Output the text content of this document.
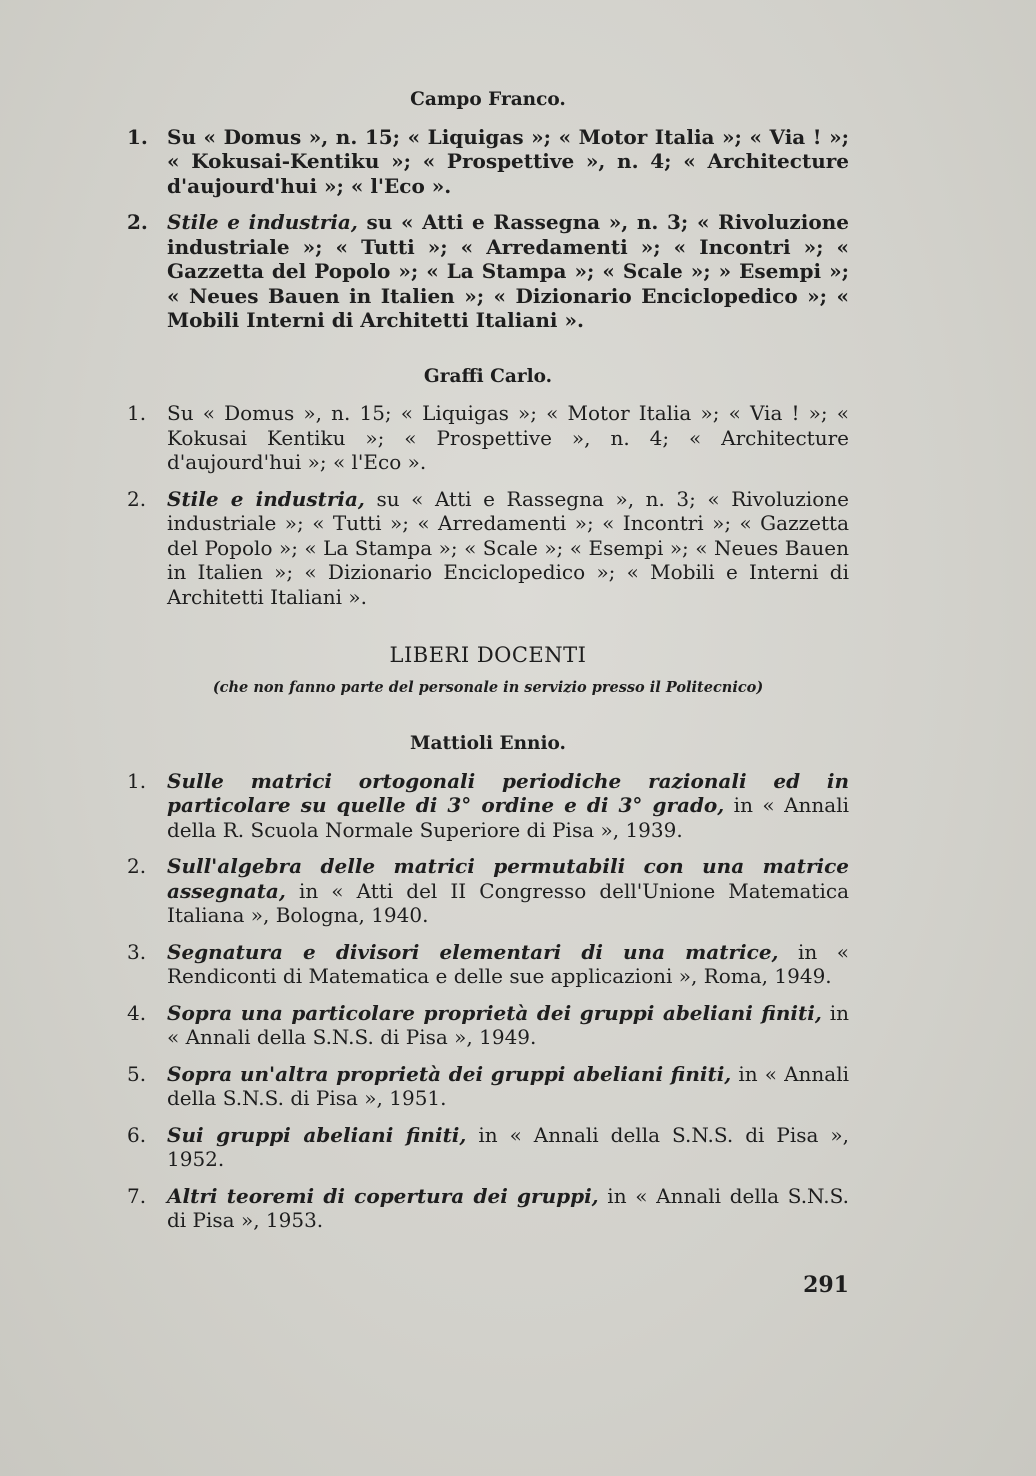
Campo Franco.

1. Su « Domus », n. 15; « Liquigas »; « Motor Italia »; « Via ! »; « Kokusai-Kentiku »; « Prospettive », n. 4; « Architecture d'aujourd'hui »; « l'Eco ».

2. Stile e industria, su « Atti e Rassegna », n. 3; « Rivoluzione industriale »; « Tutti »; « Arredamenti »; « Incontri »; « Gazzetta del Popolo »; « La Stampa »; « Scale »; » Esempi »; « Neues Bauen in Italien »; « Dizionario Enciclopedico »; « Mobili Interni di Architetti Italiani ».

Graffi Carlo.

1.	Su « Domus », n. 15; « Liquigas »; « Motor Italia »; « Via ! »; « Kokusai Kentiku »; « Prospettive », n. 4; « Architecture d'aujourd'hui »; « l'Eco ».

2.	Stile e industria, su « Atti e Rassegna », n. 3; « Rivoluzione industriale »; « Tutti »; « Arredamenti »; « Incontri »; « Gazzetta del Popolo »; « La Stampa »; « Scale »; « Esempi »; « Neues Bauen in Italien »; « Dizionario Enciclopedico »; « Mobili e Interni di Architetti Italiani ».

LIBERI DOCENTI
(che non fanno parte del personale in servizio presso il Politecnico)
Mattioli Ennio.

1.	Sulle matrici ortogonali periodiche razionali ed in particolare su quelle di 3° ordine e di 3° grado, in « Annali della R. Scuola Normale Superiore di Pisa », 1939.

2.	Sull'algebra delle matrici permutabili con una matrice assegnata, in « Atti del II Congresso dell'Unione Matematica Italiana », Bologna, 1940.

3.	Segnatura e divisori elementari di una matrice, in « Rendiconti di Matematica e delle sue applicazioni », Roma, 1949.

4.	Sopra una particolare proprietà dei gruppi abeliani finiti, in « Annali della S.N.S. di Pisa », 1949.

5.	Sopra un'altra proprietà dei gruppi abeliani finiti, in « Annali della S.N.S. di Pisa », 1951.

6.	Sui gruppi abeliani finiti, in « Annali della S.N.S. di Pisa », 1952.

7.	Altri teoremi di copertura dei gruppi, in « Annali della S.N.S. di Pisa », 1953.

291
